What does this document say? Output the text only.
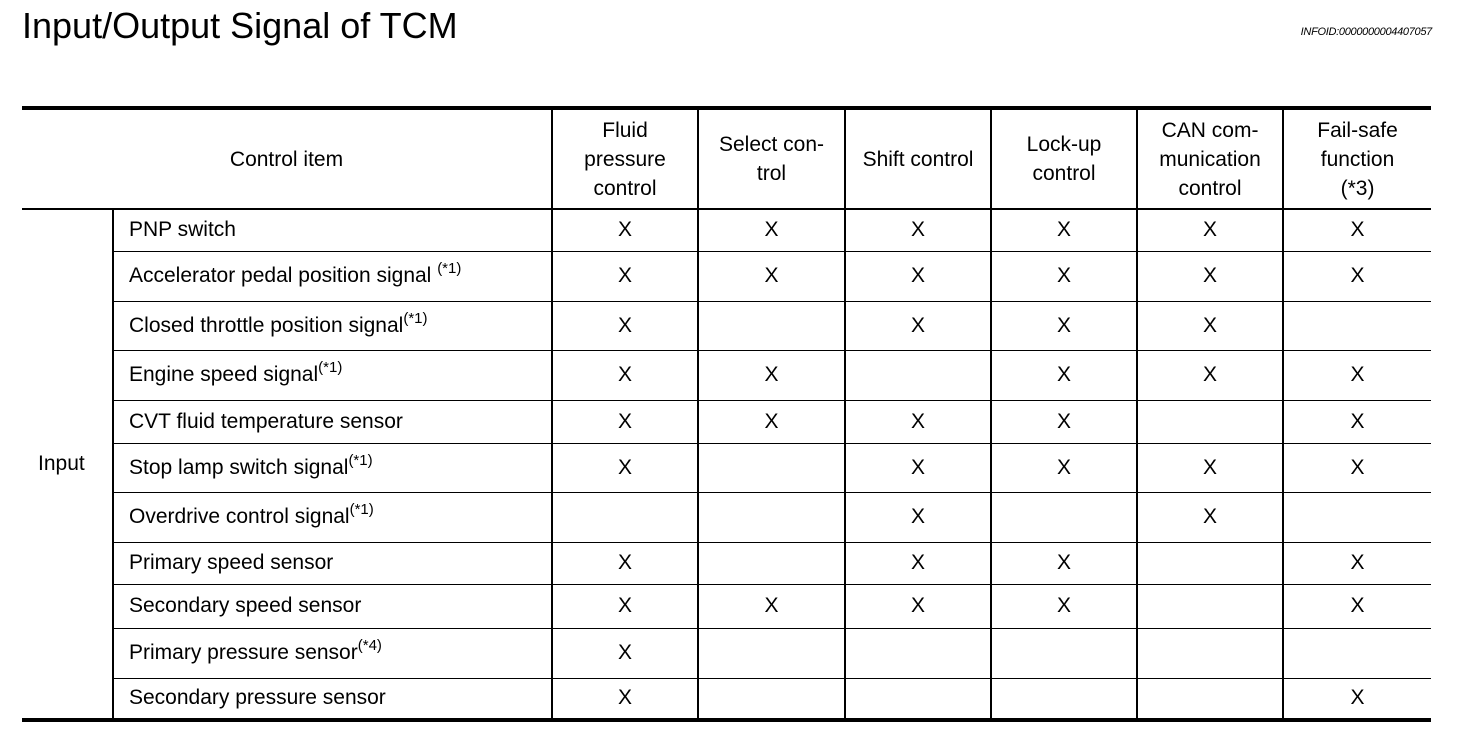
Input/Output Signal of TCM	INFOID:0000000004407057
Control item		Fluid
pressure
control	Select con-
trol	Shift control	Lock-up
control	CAN com-
munication
control	Fail-safe
function
(*3)
Input	PNP switch	X	X	X	X	X	X
	Accelerator pedal position signal $^{(*1)}$	X	X	X	X	X	X
	Closed throttle position signal$^{(*1)}$	X		X	X	X	
	Engine speed signal$^{(*1)}$	X	X		X	X	X
	CVT fluid temperature sensor	X	X	X	X		X
	Stop lamp switch signal$^{(*1)}$	X		X	X	X	X
	Overdrive control signal$^{(*1)}$			X		X	
	Primary speed sensor	X		X	X		X
	Secondary speed sensor	X	X	X	X		X
	Primary pressure sensor$^{(*4)}$	X					
	Secondary pressure sensor	X					X
